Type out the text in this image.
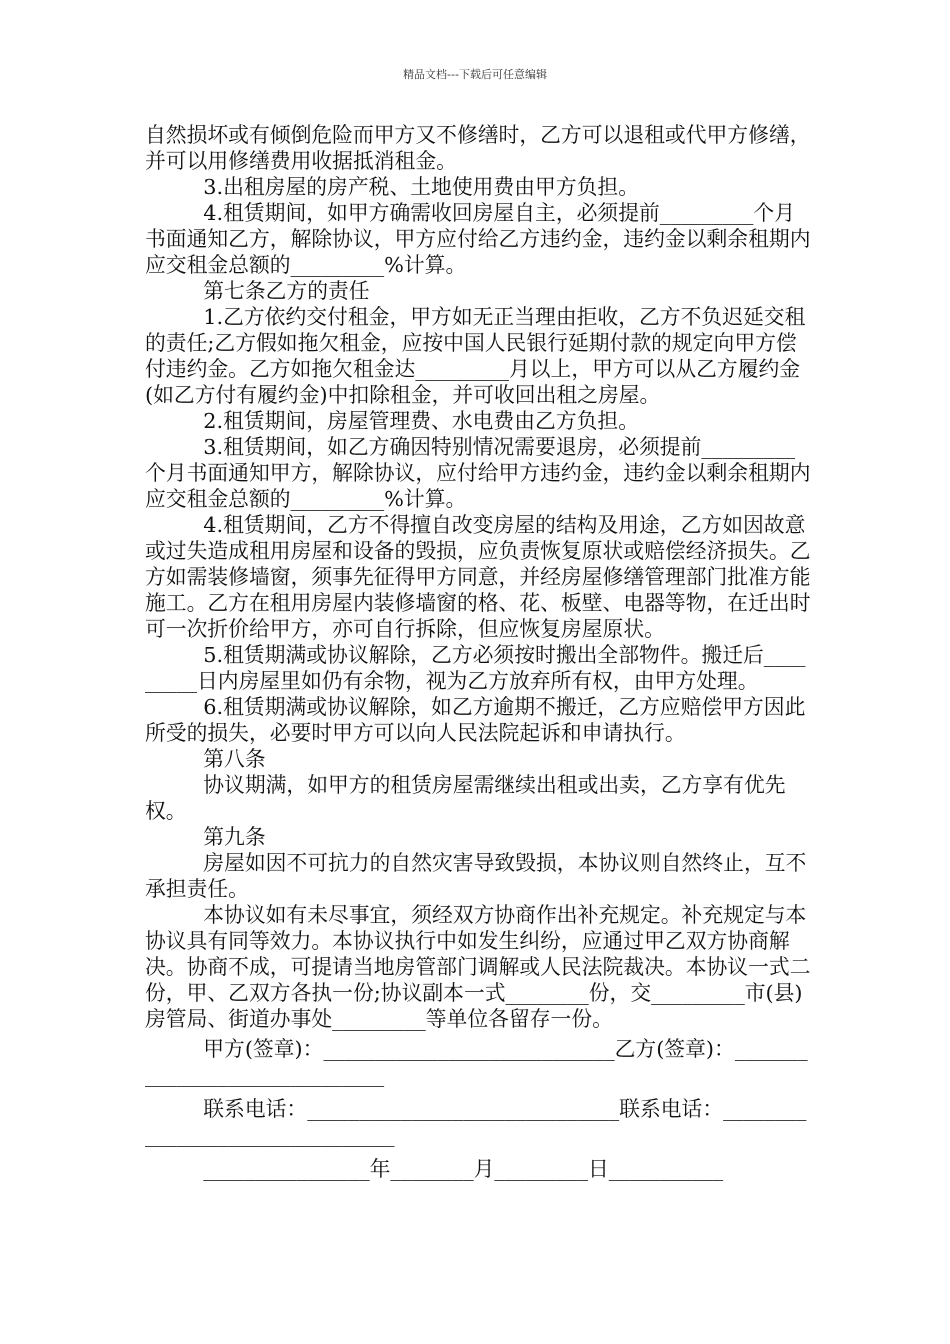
精品文档---下载后可任意编辑

自然损坏或有倾倒危险而甲方又不修缮时，乙方可以退租或代甲方修缮，并可以用修缮费用收据抵消租金。

3.出租房屋的房产税、土地使用费由甲方负担。

4.租赁期间，如甲方确需收回房屋自主，必须提前_________个月书面通知乙方，解除协议，甲方应付给乙方违约金，违约金以剩余租期内应交租金总额的_________%计算。

第七条乙方的责任

1.乙方依约交付租金，甲方如无正当理由拒收，乙方不负迟延交租的责任;乙方假如拖欠租金，应按中国人民银行延期付款的规定向甲方偿付违约金。乙方如拖欠租金达_________月以上，甲方可以从乙方履约金(如乙方付有履约金)中扣除租金，并可收回出租之房屋。

2.租赁期间，房屋管理费、水电费由乙方负担。

3.租赁期间，如乙方确因特别情况需要退房，必须提前_________个月书面通知甲方，解除协议，应付给甲方违约金，违约金以剩余租期内应交租金总额的_________%计算。

4.租赁期间，乙方不得擅自改变房屋的结构及用途，乙方如因故意或过失造成租用房屋和设备的毁损，应负责恢复原状或赔偿经济损失。乙方如需装修墙窗，须事先征得甲方同意，并经房屋修缮管理部门批准方能施工。乙方在租用房屋内装修墙窗的格、花、板壁、电器等物，在迁出时可一次折价给甲方，亦可自行拆除，但应恢复房屋原状。

5.租赁期满或协议解除，乙方必须按时搬出全部物件。搬迁后_________日内房屋里如仍有余物，视为乙方放弃所有权，由甲方处理。

6.租赁期满或协议解除，如乙方逾期不搬迁，乙方应赔偿甲方因此所受的损失，必要时甲方可以向人民法院起诉和申请执行。

第八条

协议期满，如甲方的租赁房屋需继续出租或出卖，乙方享有优先权。

第九条

房屋如因不可抗力的自然灾害导致毁损，本协议则自然终止，互不承担责任。

本协议如有未尽事宜，须经双方协商作出补充规定。补充规定与本协议具有同等效力。本协议执行中如发生纠纷，应通过甲乙双方协商解决。协商不成，可提请当地房管部门调解或人民法院裁决。本协议一式二份，甲、乙双方各执一份;协议副本一式________份，交_________市(县)房管局、街道办事处_________等单位各留存一份。

甲方(签章)：____________________________乙方(签章)：______________________________
联系电话：______________________________联系电话：________________________________
________________年________月_________日___________
